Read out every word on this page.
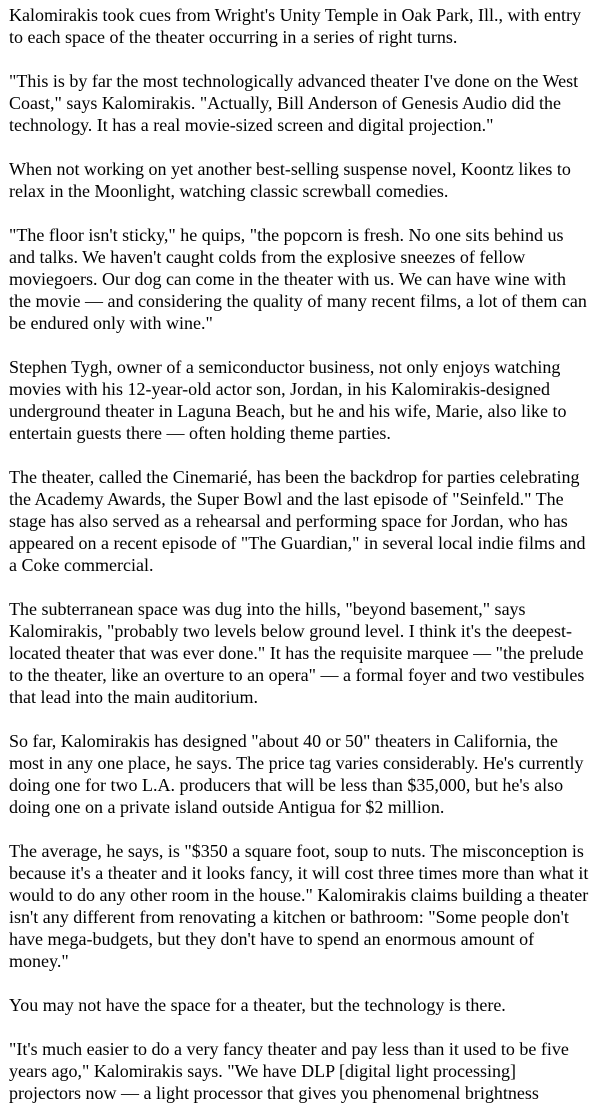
Kalomirakis took cues from Wright's Unity Temple in Oak Park, Ill., with entry to each space of the theater occurring in a series of right turns.

"This is by far the most technologically advanced theater I've done on the West Coast," says Kalomirakis. "Actually, Bill Anderson of Genesis Audio did the technology. It has a real movie-sized screen and digital projection."

When not working on yet another best-selling suspense novel, Koontz likes to relax in the Moonlight, watching classic screwball comedies.

"The floor isn't sticky," he quips, "the popcorn is fresh. No one sits behind us and talks. We haven't caught colds from the explosive sneezes of fellow moviegoers. Our dog can come in the theater with us. We can have wine with the movie — and considering the quality of many recent films, a lot of them can be endured only with wine."

Stephen Tygh, owner of a semiconductor business, not only enjoys watching movies with his 12-year-old actor son, Jordan, in his Kalomirakis-designed underground theater in Laguna Beach, but he and his wife, Marie, also like to entertain guests there — often holding theme parties.

The theater, called the Cinemarié, has been the backdrop for parties celebrating the Academy Awards, the Super Bowl and the last episode of "Seinfeld." The stage has also served as a rehearsal and performing space for Jordan, who has appeared on a recent episode of "The Guardian," in several local indie films and a Coke commercial.

The subterranean space was dug into the hills, "beyond basement," says Kalomirakis, "probably two levels below ground level. I think it's the deepest-located theater that was ever done." It has the requisite marquee — "the prelude to the theater, like an overture to an opera" — a formal foyer and two vestibules that lead into the main auditorium.

So far, Kalomirakis has designed "about 40 or 50" theaters in California, the most in any one place, he says. The price tag varies considerably. He's currently doing one for two L.A. producers that will be less than $35,000, but he's also doing one on a private island outside Antigua for $2 million.

The average, he says, is "$350 a square foot, soup to nuts. The misconception is because it's a theater and it looks fancy, it will cost three times more than what it would to do any other room in the house." Kalomirakis claims building a theater isn't any different from renovating a kitchen or bathroom: "Some people don't have mega-budgets, but they don't have to spend an enormous amount of money."

You may not have the space for a theater, but the technology is there.

"It's much easier to do a very fancy theater and pay less than it used to be five years ago," Kalomirakis says. "We have DLP [digital light processing] projectors now — a light processor that gives you phenomenal brightness
